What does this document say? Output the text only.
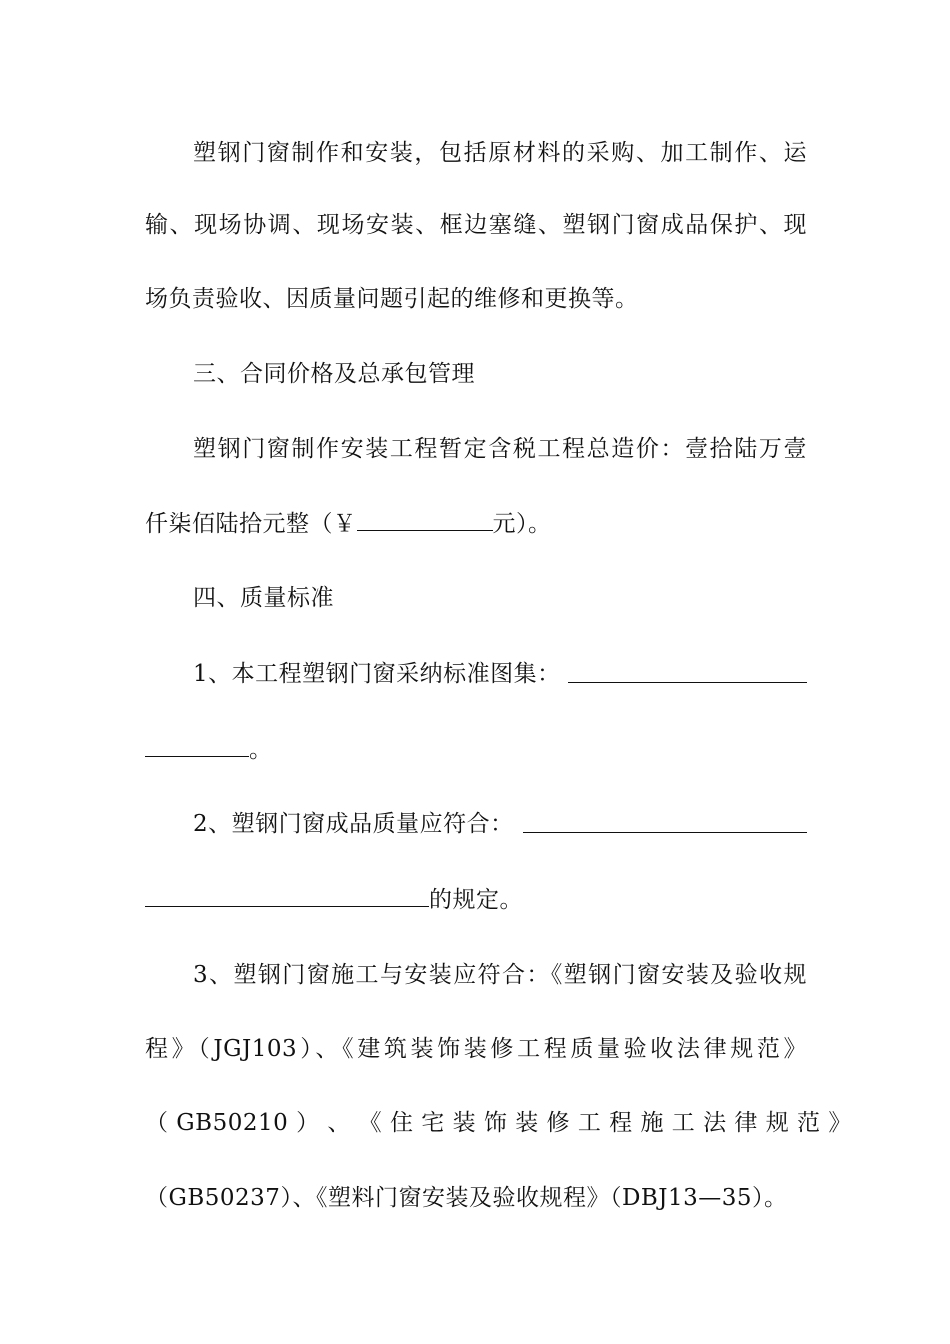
塑钢门窗制作和安装，包括原材料的采购、加工制作、运
输、现场协调、现场安装、框边塞缝、塑钢门窗成品保护、现
场负责验收、因质量问题引起的维修和更换等。
三、合同价格及总承包管理
塑钢门窗制作安装工程暂定含税工程总造价：壹拾陆万壹
仟柒佰陆拾元整（￥	元）。
四、质量标准
1、本工程塑钢门窗采纳标准图集：
。
2、塑钢门窗成品质量应符合：
的规定。
3、塑钢门窗施工与安装应符合：《塑钢门窗安装及验收规
程》（JGJ103）、《建筑装饰装修工程质量验收法律规范》
（ GB50210 ） 、 《 住 宅 装 饰 装 修 工 程 施 工 法 律 规 范 》
（GB50237）、《塑料门窗安装及验收规程》（DBJ13—35）。
